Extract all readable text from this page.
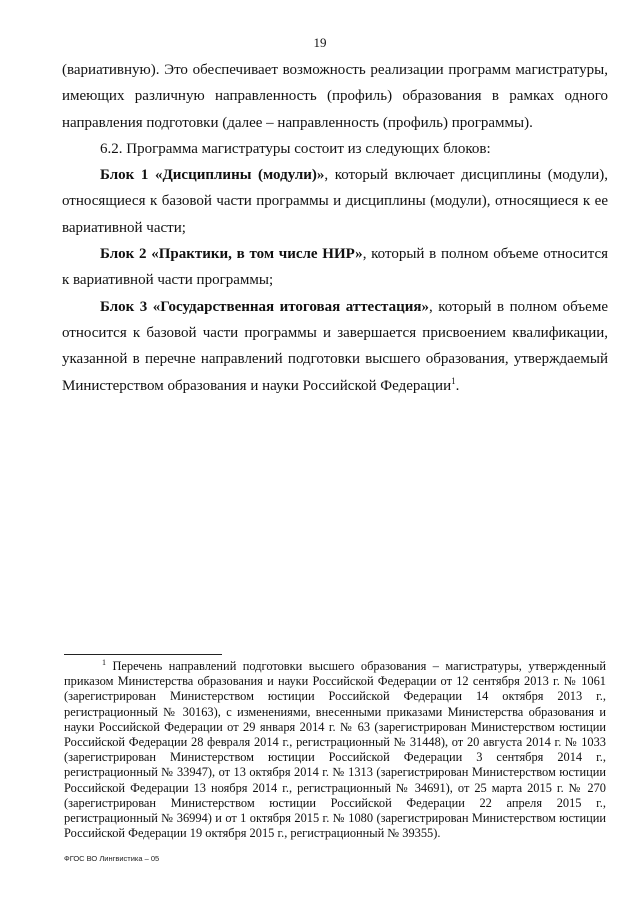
19

(вариативную). Это обеспечивает возможность реализации программ магистратуры, имеющих различную направленность (профиль) образования в рамках одного направления подготовки (далее – направленность (профиль) программы).

6.2. Программа магистратуры состоит из следующих блоков:

Блок 1 «Дисциплины (модули)», который включает дисциплины (модули), относящиеся к базовой части программы и дисциплины (модули), относящиеся к ее вариативной части;

Блок 2 «Практики, в том числе НИР», который в полном объеме относится к вариативной части программы;

Блок 3 «Государственная итоговая аттестация», который в полном объеме относится к базовой части программы и завершается присвоением квалификации, указанной в перечне направлений подготовки высшего образования, утверждаемый Министерством образования и науки Российской Федерации$^1$.

$^1$ Перечень направлений подготовки высшего образования – магистратуры, утвержденный приказом Министерства образования и науки Российской Федерации от 12 сентября 2013 г. № 1061 (зарегистрирован Министерством юстиции Российской Федерации 14 октября 2013 г., регистрационный № 30163), с изменениями, внесенными приказами Министерства образования и науки Российской Федерации от 29 января 2014 г. № 63 (зарегистрирован Министерством юстиции Российской Федерации 28 февраля 2014 г., регистрационный № 31448), от 20 августа 2014 г. № 1033 (зарегистрирован Министерством юстиции Российской Федерации 3 сентября 2014 г., регистрационный № 33947), от 13 октября 2014 г. № 1313 (зарегистрирован Министерством юстиции Российской Федерации 13 ноября 2014 г., регистрационный № 34691), от 25 марта 2015 г. № 270 (зарегистрирован Министерством юстиции Российской Федерации 22 апреля 2015 г., регистрационный № 36994) и от 1 октября 2015 г. № 1080 (зарегистрирован Министерством юстиции Российской Федерации 19 октября 2015 г., регистрационный № 39355).
ФГОС ВО Лингвистика – 05
